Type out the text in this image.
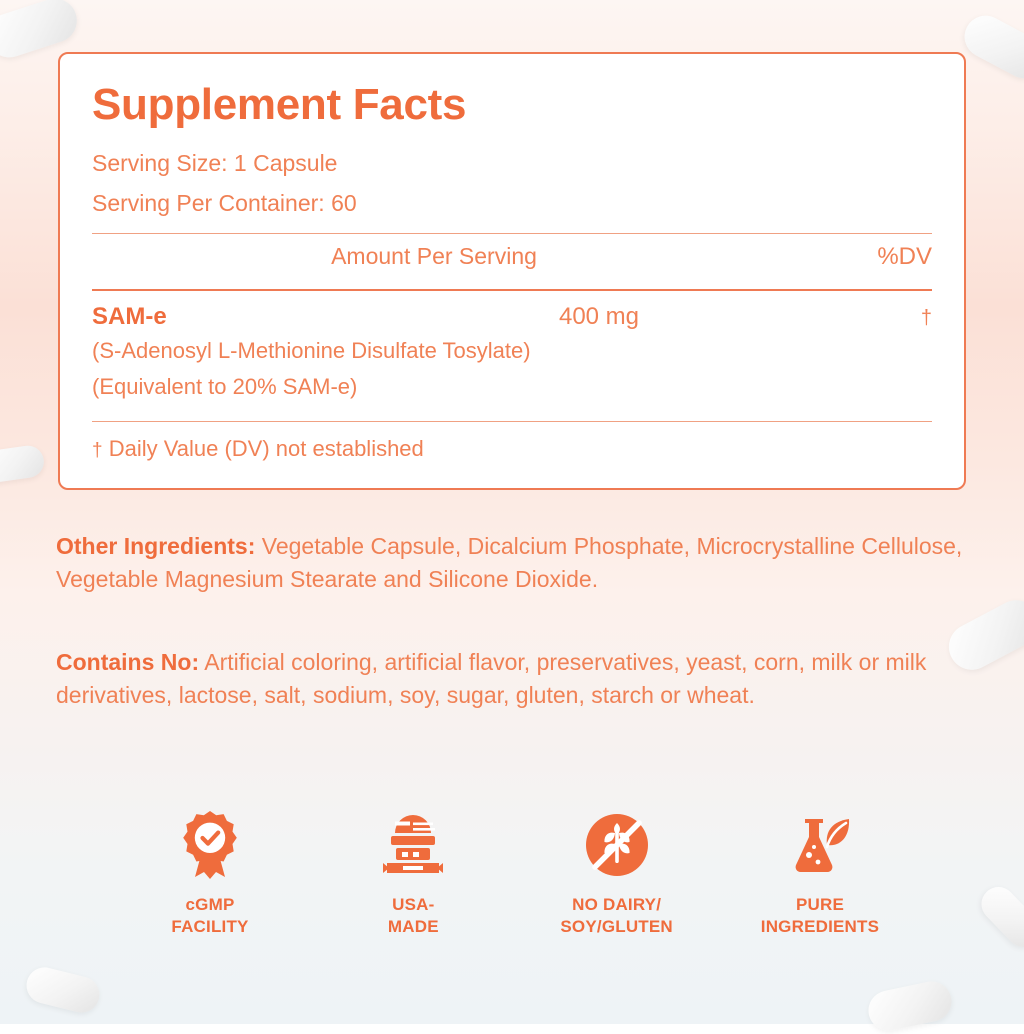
Supplement Facts
Serving Size: 1 Capsule
Serving Per Container: 60
Amount Per Serving	%DV
SAM-e	400 mg	†
(S-Adenosyl L-Methionine Disulfate Tosylate)
(Equivalent to 20% SAM-e)
† Daily Value (DV) not established
Other Ingredients: Vegetable Capsule, Dicalcium Phosphate, Microcrystalline Cellulose, Vegetable Magnesium Stearate and Silicone Dioxide.
Contains No: Artificial coloring, artificial flavor, preservatives, yeast, corn, milk or milk derivatives, lactose, salt, sodium, soy, sugar, gluten, starch or wheat.
cGMP
FACILITY
USA-
MADE
NO DAIRY/
SOY/GLUTEN
PURE
INGREDIENTS
